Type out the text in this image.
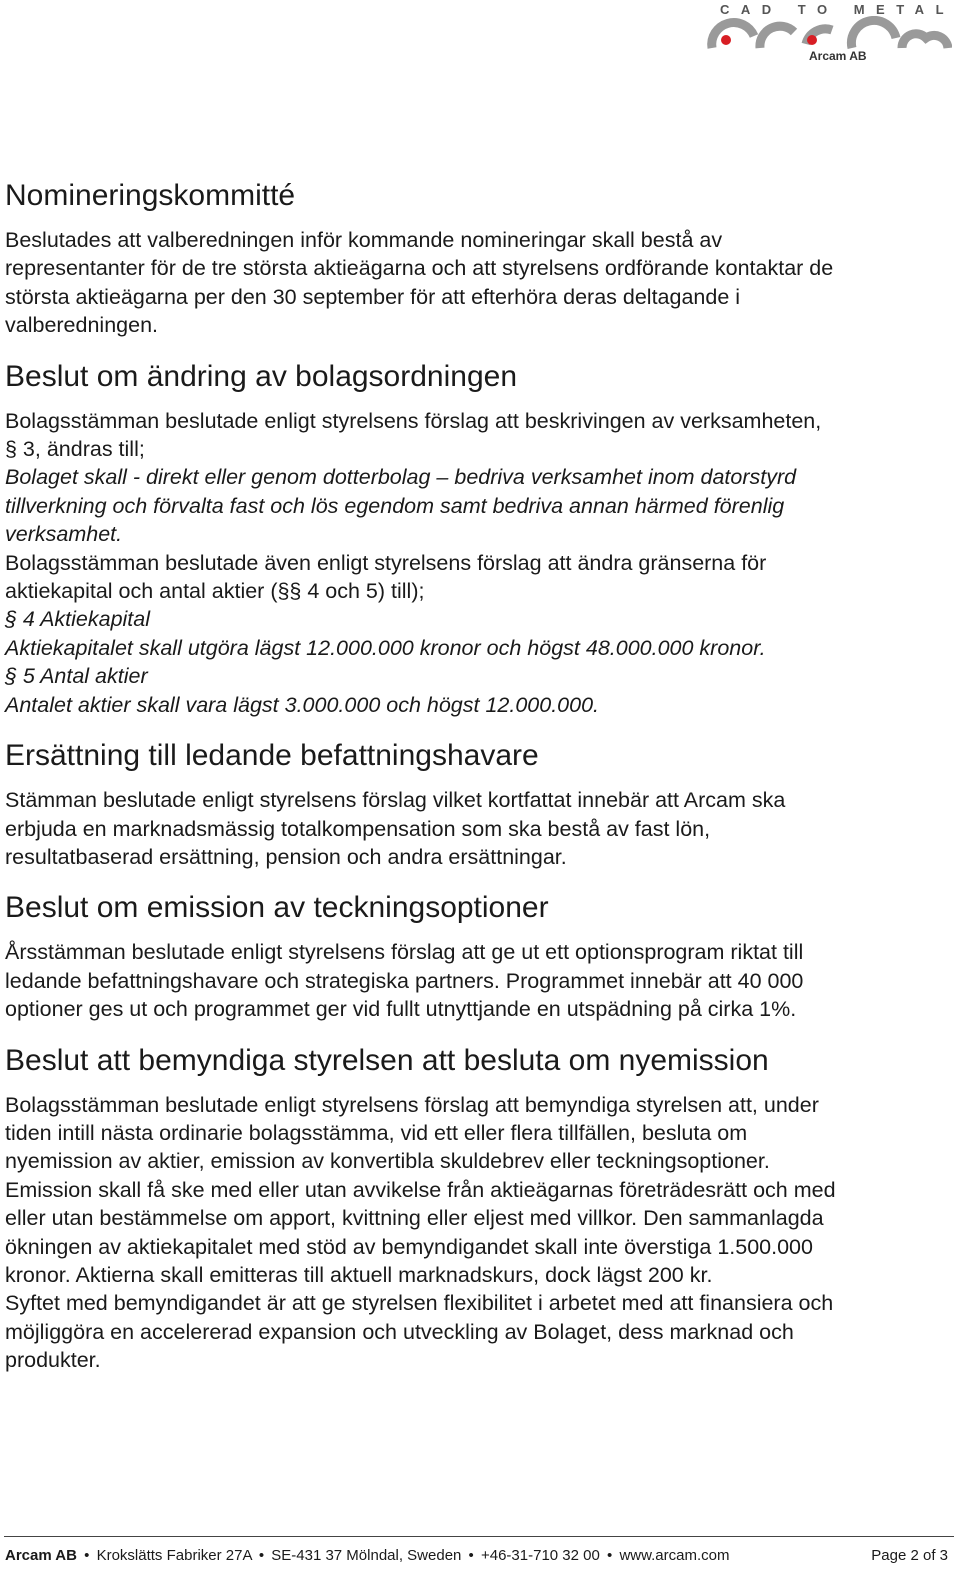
CAD TO METAL
Arcam AB
Nomineringskommitté

Beslutades att valberedningen inför kommande nomineringar skall bestå av

representanter för de tre största aktieägarna och att styrelsens ordförande kontaktar de

största aktieägarna per den 30 september för att efterhöra deras deltagande i

valberedningen.

Beslut om ändring av bolagsordningen

Bolagsstämman beslutade enligt styrelsens förslag att beskrivingen av verksamheten,

§ 3, ändras till;

Bolaget skall - direkt eller genom dotterbolag – bedriva verksamhet inom datorstyrd

tillverkning och förvalta fast och lös egendom samt bedriva annan härmed förenlig

verksamhet.

Bolagsstämman beslutade även enligt styrelsens förslag att ändra gränserna för

aktiekapital och antal aktier (§§ 4 och 5) till);

§ 4 Aktiekapital

Aktiekapitalet skall utgöra lägst 12.000.000 kronor och högst 48.000.000 kronor.

§ 5 Antal aktier

Antalet aktier skall vara lägst 3.000.000 och högst 12.000.000.

Ersättning till ledande befattningshavare

Stämman beslutade enligt styrelsens förslag vilket kortfattat innebär att Arcam ska

erbjuda en marknadsmässig totalkompensation som ska bestå av fast lön,

resultatbaserad ersättning, pension och andra ersättningar.

Beslut om emission av teckningsoptioner

Årsstämman beslutade enligt styrelsens förslag att ge ut ett optionsprogram riktat till

ledande befattningshavare och strategiska partners. Programmet innebär att 40 000

optioner ges ut och programmet ger vid fullt utnyttjande en utspädning på cirka 1%.

Beslut att bemyndiga styrelsen att besluta om nyemission

Bolagsstämman beslutade enligt styrelsens förslag att bemyndiga styrelsen att, under

tiden intill nästa ordinarie bolagsstämma, vid ett eller flera tillfällen, besluta om

nyemission av aktier, emission av konvertibla skuldebrev eller teckningsoptioner.

Emission skall få ske med eller utan avvikelse från aktieägarnas företrädesrätt och med

eller utan bestämmelse om apport, kvittning eller eljest med villkor. Den sammanlagda

ökningen av aktiekapitalet med stöd av bemyndigandet skall inte överstiga 1.500.000

kronor. Aktierna skall emitteras till aktuell marknadskurs, dock lägst 200 kr.

Syftet med bemyndigandet är att ge styrelsen flexibilitet i arbetet med att finansiera och

möjliggöra en accelererad expansion och utveckling av Bolaget, dess marknad och

produkter.

Arcam AB • Krokslätts Fabriker 27A • SE-431 37 Mölndal, Sweden • +46-31-710 32 00 • www.arcam.com	Page 2 of 3
